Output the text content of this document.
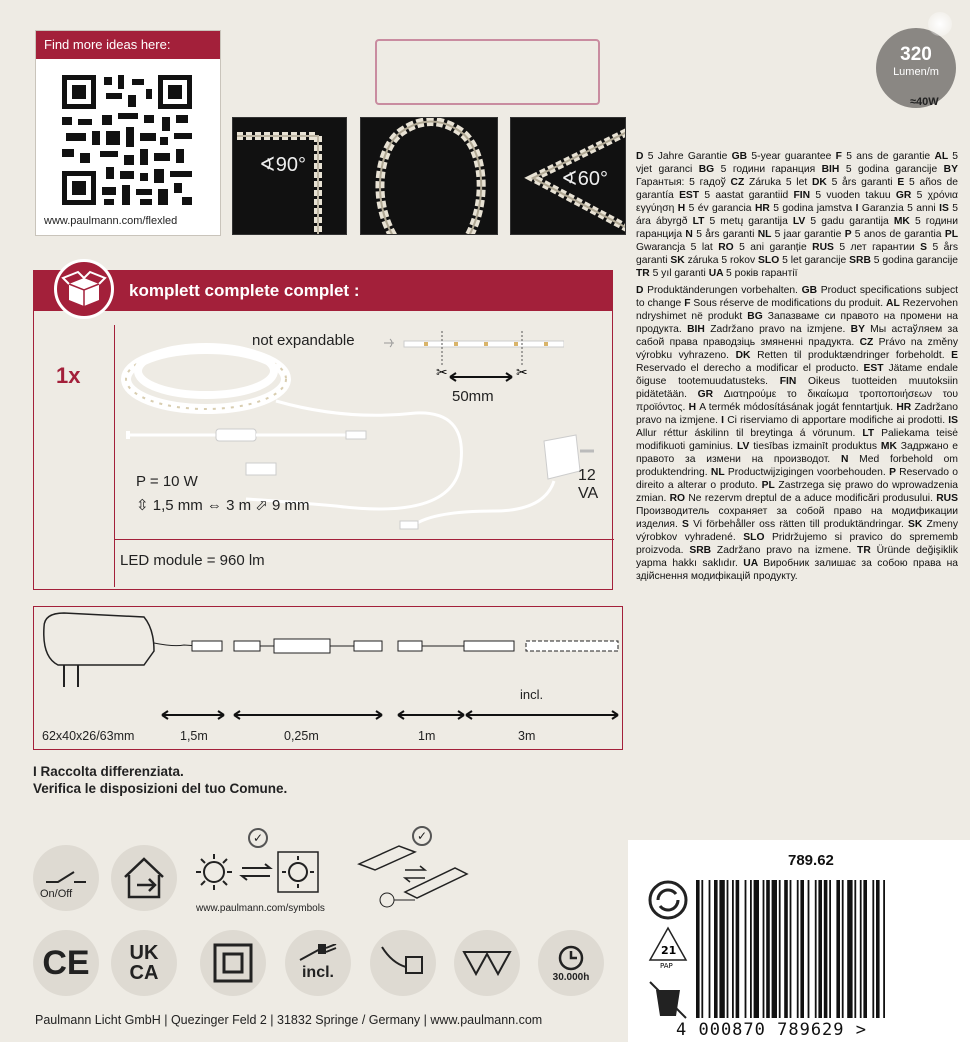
Find more ideas here:
www.paulmann.com/flexled
∢90°
∢60°
320
Lumen/m
≈40W
komplett complete complet :
1x
not expandable
✂	✂
50mm
12 VA
P = 10 W
⇳ 1,5 mm ⇔ 3 m ⬀ 9 mm
LED module = 960 lm
62x40x26/63mm
incl.
1,5m	0,25m	1m	3m

D 5 Jahre Garantie GB 5-year guarantee F 5 ans de garantie AL 5 vjet garanci BG 5 години гаранция BIH 5 godina garancije BY Гарантыя: 5 гадоў CZ Záruka 5 let DK 5 års garanti E 5 años de garantía EST 5 aastat garantiid FIN 5 vuoden takuu GR 5 χρόνια εγγύηση H 5 év garancia HR 5 godina jamstva I Garanzia 5 anni IS 5 ára ábyrgð LT 5 metų garantija LV 5 gadu garantija MK 5 години гаранција N 5 års garanti NL 5 jaar garantie P 5 anos de garantia PL Gwarancja 5 lat RO 5 ani garanție RUS 5 лет гарантии S 5 års garanti SK záruka 5 rokov SLO 5 let garancije SRB 5 godina garancije TR 5 yıl garanti UA 5 років гарантії

D Produktänderungen vorbehalten. GB Product specifications subject to change F Sous réserve de modifications du produit. AL Rezervohen ndryshimet në produkt BG Запазваме си правото на промени на продукта. BIH Zadržano pravo na izmjene. BY Мы астаўляем за сабой права праводзіць змяненні прадукта. CZ Právo na změny výrobku vyhrazeno. DK Retten til produktændringer forbeholdt. E Reservado el derecho a modificar el producto. EST Jätame endale õiguse tootemuudatusteks. FIN Oikeus tuotteiden muutoksiin pidätetään. GR Διατηρούμε το δικαίωμα τροποποιήσεων του προϊόντος. H A termék módosításának jogát fenntartjuk. HR Zadržano pravo na izmjene. I Ci riserviamo di apportare modifiche ai prodotti. IS Allur réttur áskilinn til breytinga á vörunum. LT Paliekama teisė modifikuoti gaminius. LV tiesības izmainīt produktus MK Задржано е правото за измени на производот. N Med forbehold om produktendring. NL Productwijzigingen voorbehouden. P Reservado o direito a alterar o produto. PL Zastrzega się prawo do wprowadzenia zmian. RO Ne rezervm dreptul de a aduce modificări produsului. RUS Производитель сохраняет за собой право на модификации изделия. S Vi förbehåller oss rätten till produktändringar. SK Zmeny výrobkov vyhradené. SLO Pridržujemo si pravico do sprememb proizvoda. SRB Zadržano pravo na izmene. TR Üründe değişiklik yapma hakkı saklıdır. UA Виробник залишає за собою права на здійснення модифікацій продукту.

I Raccolta differenziata.
Verifica le disposizioni del tuo Comune.
On/Off
✓
www.paulmann.com/symbols
✓
CE	UK
CA	incl.	30.000h
Paulmann Licht GmbH | Quezinger Feld 2 | 31832 Springe / Germany | www.paulmann.com
789.62
21
PAP
4 000870 789629 >
